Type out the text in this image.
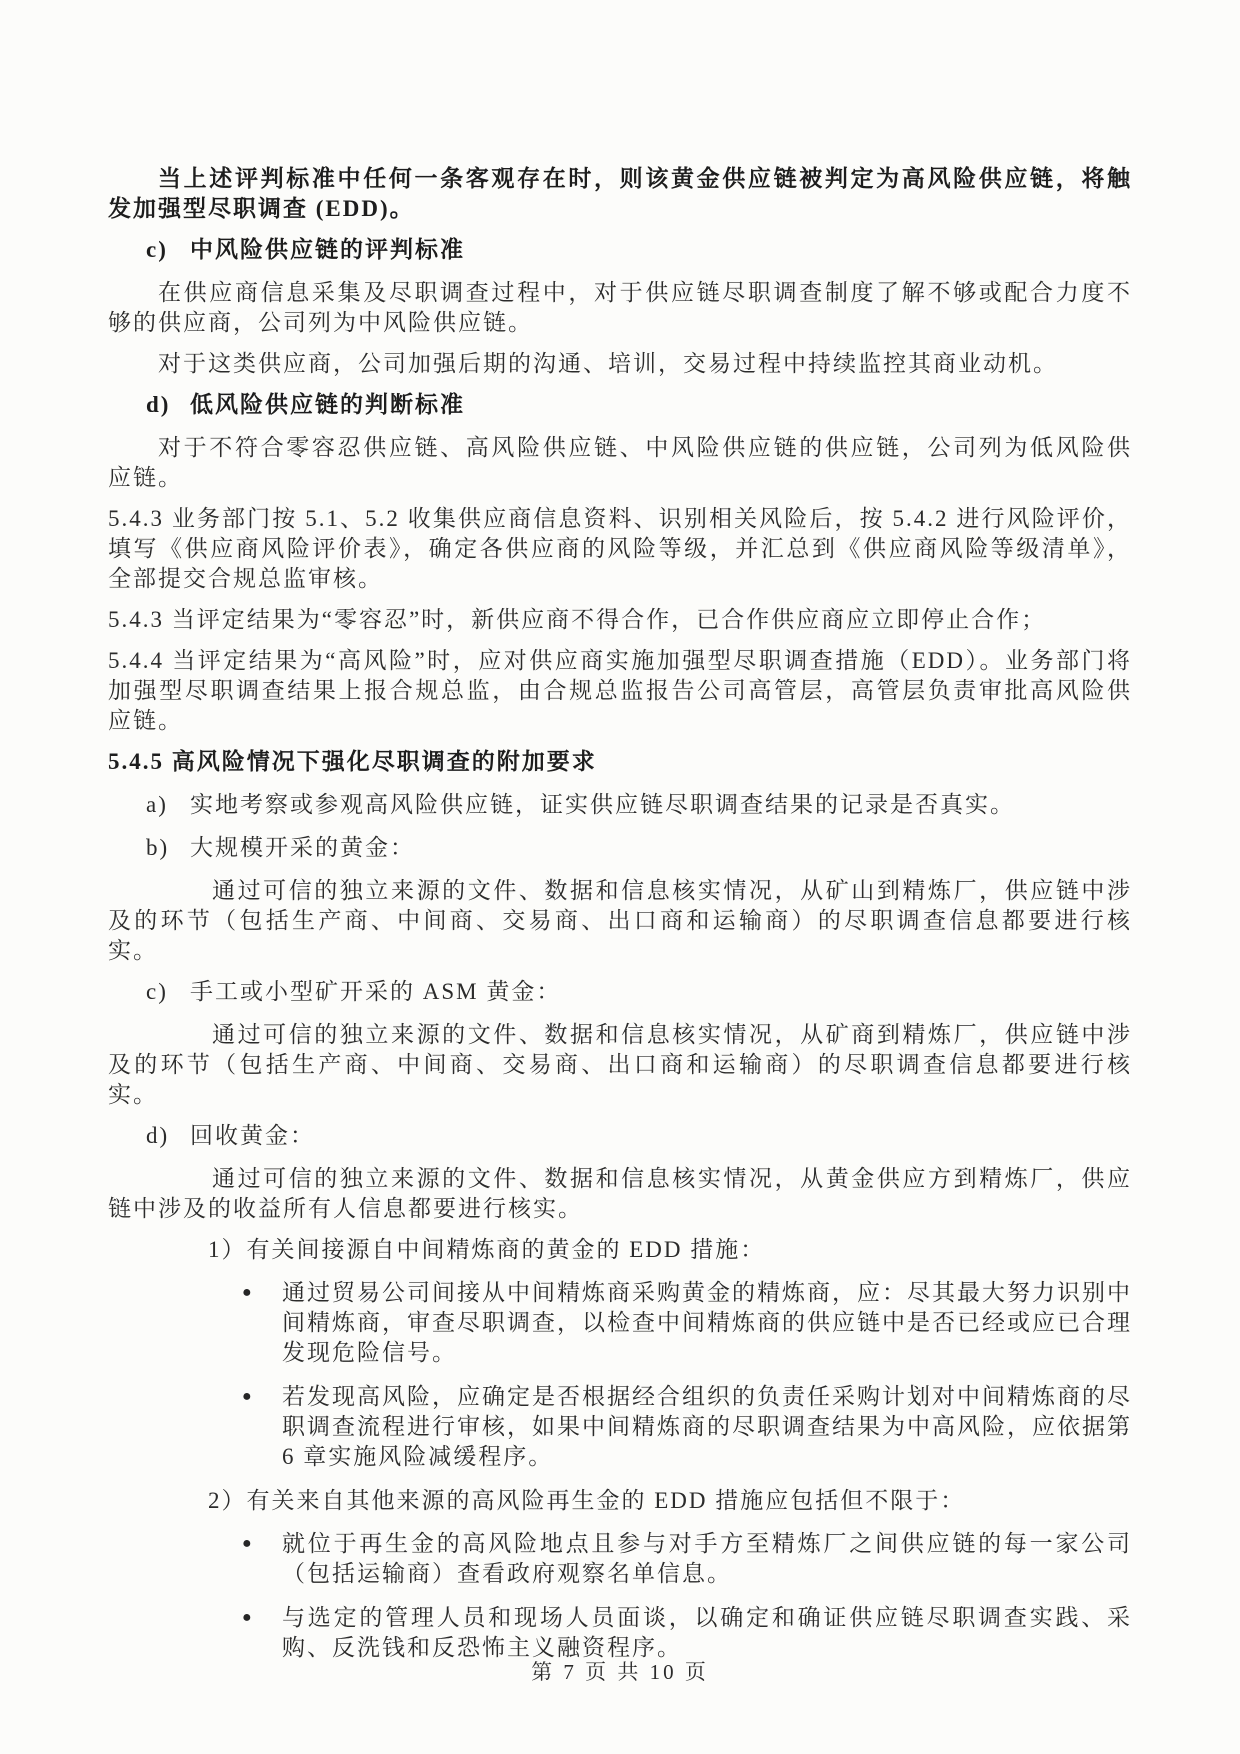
当上述评判标准中任何一条客观存在时，则该黄金供应链被判定为高风险供应链，将触发加强型尽职调查 (EDD)。

c) 中风险供应链的评判标准

在供应商信息采集及尽职调查过程中，对于供应链尽职调查制度了解不够或配合力度不够的供应商，公司列为中风险供应链。

对于这类供应商，公司加强后期的沟通、培训，交易过程中持续监控其商业动机。

d) 低风险供应链的判断标准

对于不符合零容忍供应链、高风险供应链、中风险供应链的供应链，公司列为低风险供应链。

5.4.3 业务部门按 5.1、5.2 收集供应商信息资料、识别相关风险后，按 5.4.2 进行风险评价，填写《供应商风险评价表》，确定各供应商的风险等级，并汇总到《供应商风险等级清单》，全部提交合规总监审核。

5.4.3 当评定结果为“零容忍”时，新供应商不得合作，已合作供应商应立即停止合作；

5.4.4 当评定结果为“高风险”时，应对供应商实施加强型尽职调查措施（EDD）。业务部门将加强型尽职调查结果上报合规总监，由合规总监报告公司高管层，高管层负责审批高风险供应链。

5.4.5 高风险情况下强化尽职调查的附加要求

a) 实地考察或参观高风险供应链，证实供应链尽职调查结果的记录是否真实。

b) 大规模开采的黄金：

通过可信的独立来源的文件、数据和信息核实情况，从矿山到精炼厂，供应链中涉及的环节（包括生产商、中间商、交易商、出口商和运输商）的尽职调查信息都要进行核实。

c) 手工或小型矿开采的 ASM 黄金：

通过可信的独立来源的文件、数据和信息核实情况，从矿商到精炼厂，供应链中涉及的环节（包括生产商、中间商、交易商、出口商和运输商）的尽职调查信息都要进行核实。

d) 回收黄金：

通过可信的独立来源的文件、数据和信息核实情况，从黄金供应方到精炼厂，供应链中涉及的收益所有人信息都要进行核实。

1）有关间接源自中间精炼商的黄金的 EDD 措施：

●	通过贸易公司间接从中间精炼商采购黄金的精炼商，应：尽其最大努力识别中间精炼商，审查尽职调查，以检查中间精炼商的供应链中是否已经或应已合理发现危险信号。
●	若发现高风险，应确定是否根据经合组织的负责任采购计划对中间精炼商的尽职调查流程进行审核，如果中间精炼商的尽职调查结果为中高风险，应依据第 6 章实施风险减缓程序。

2）有关来自其他来源的高风险再生金的 EDD 措施应包括但不限于：

●	就位于再生金的高风险地点且参与对手方至精炼厂之间供应链的每一家公司（包括运输商）查看政府观察名单信息。
●	与选定的管理人员和现场人员面谈，以确定和确证供应链尽职调查实践、采购、反洗钱和反恐怖主义融资程序。
第 7 页 共 10 页
